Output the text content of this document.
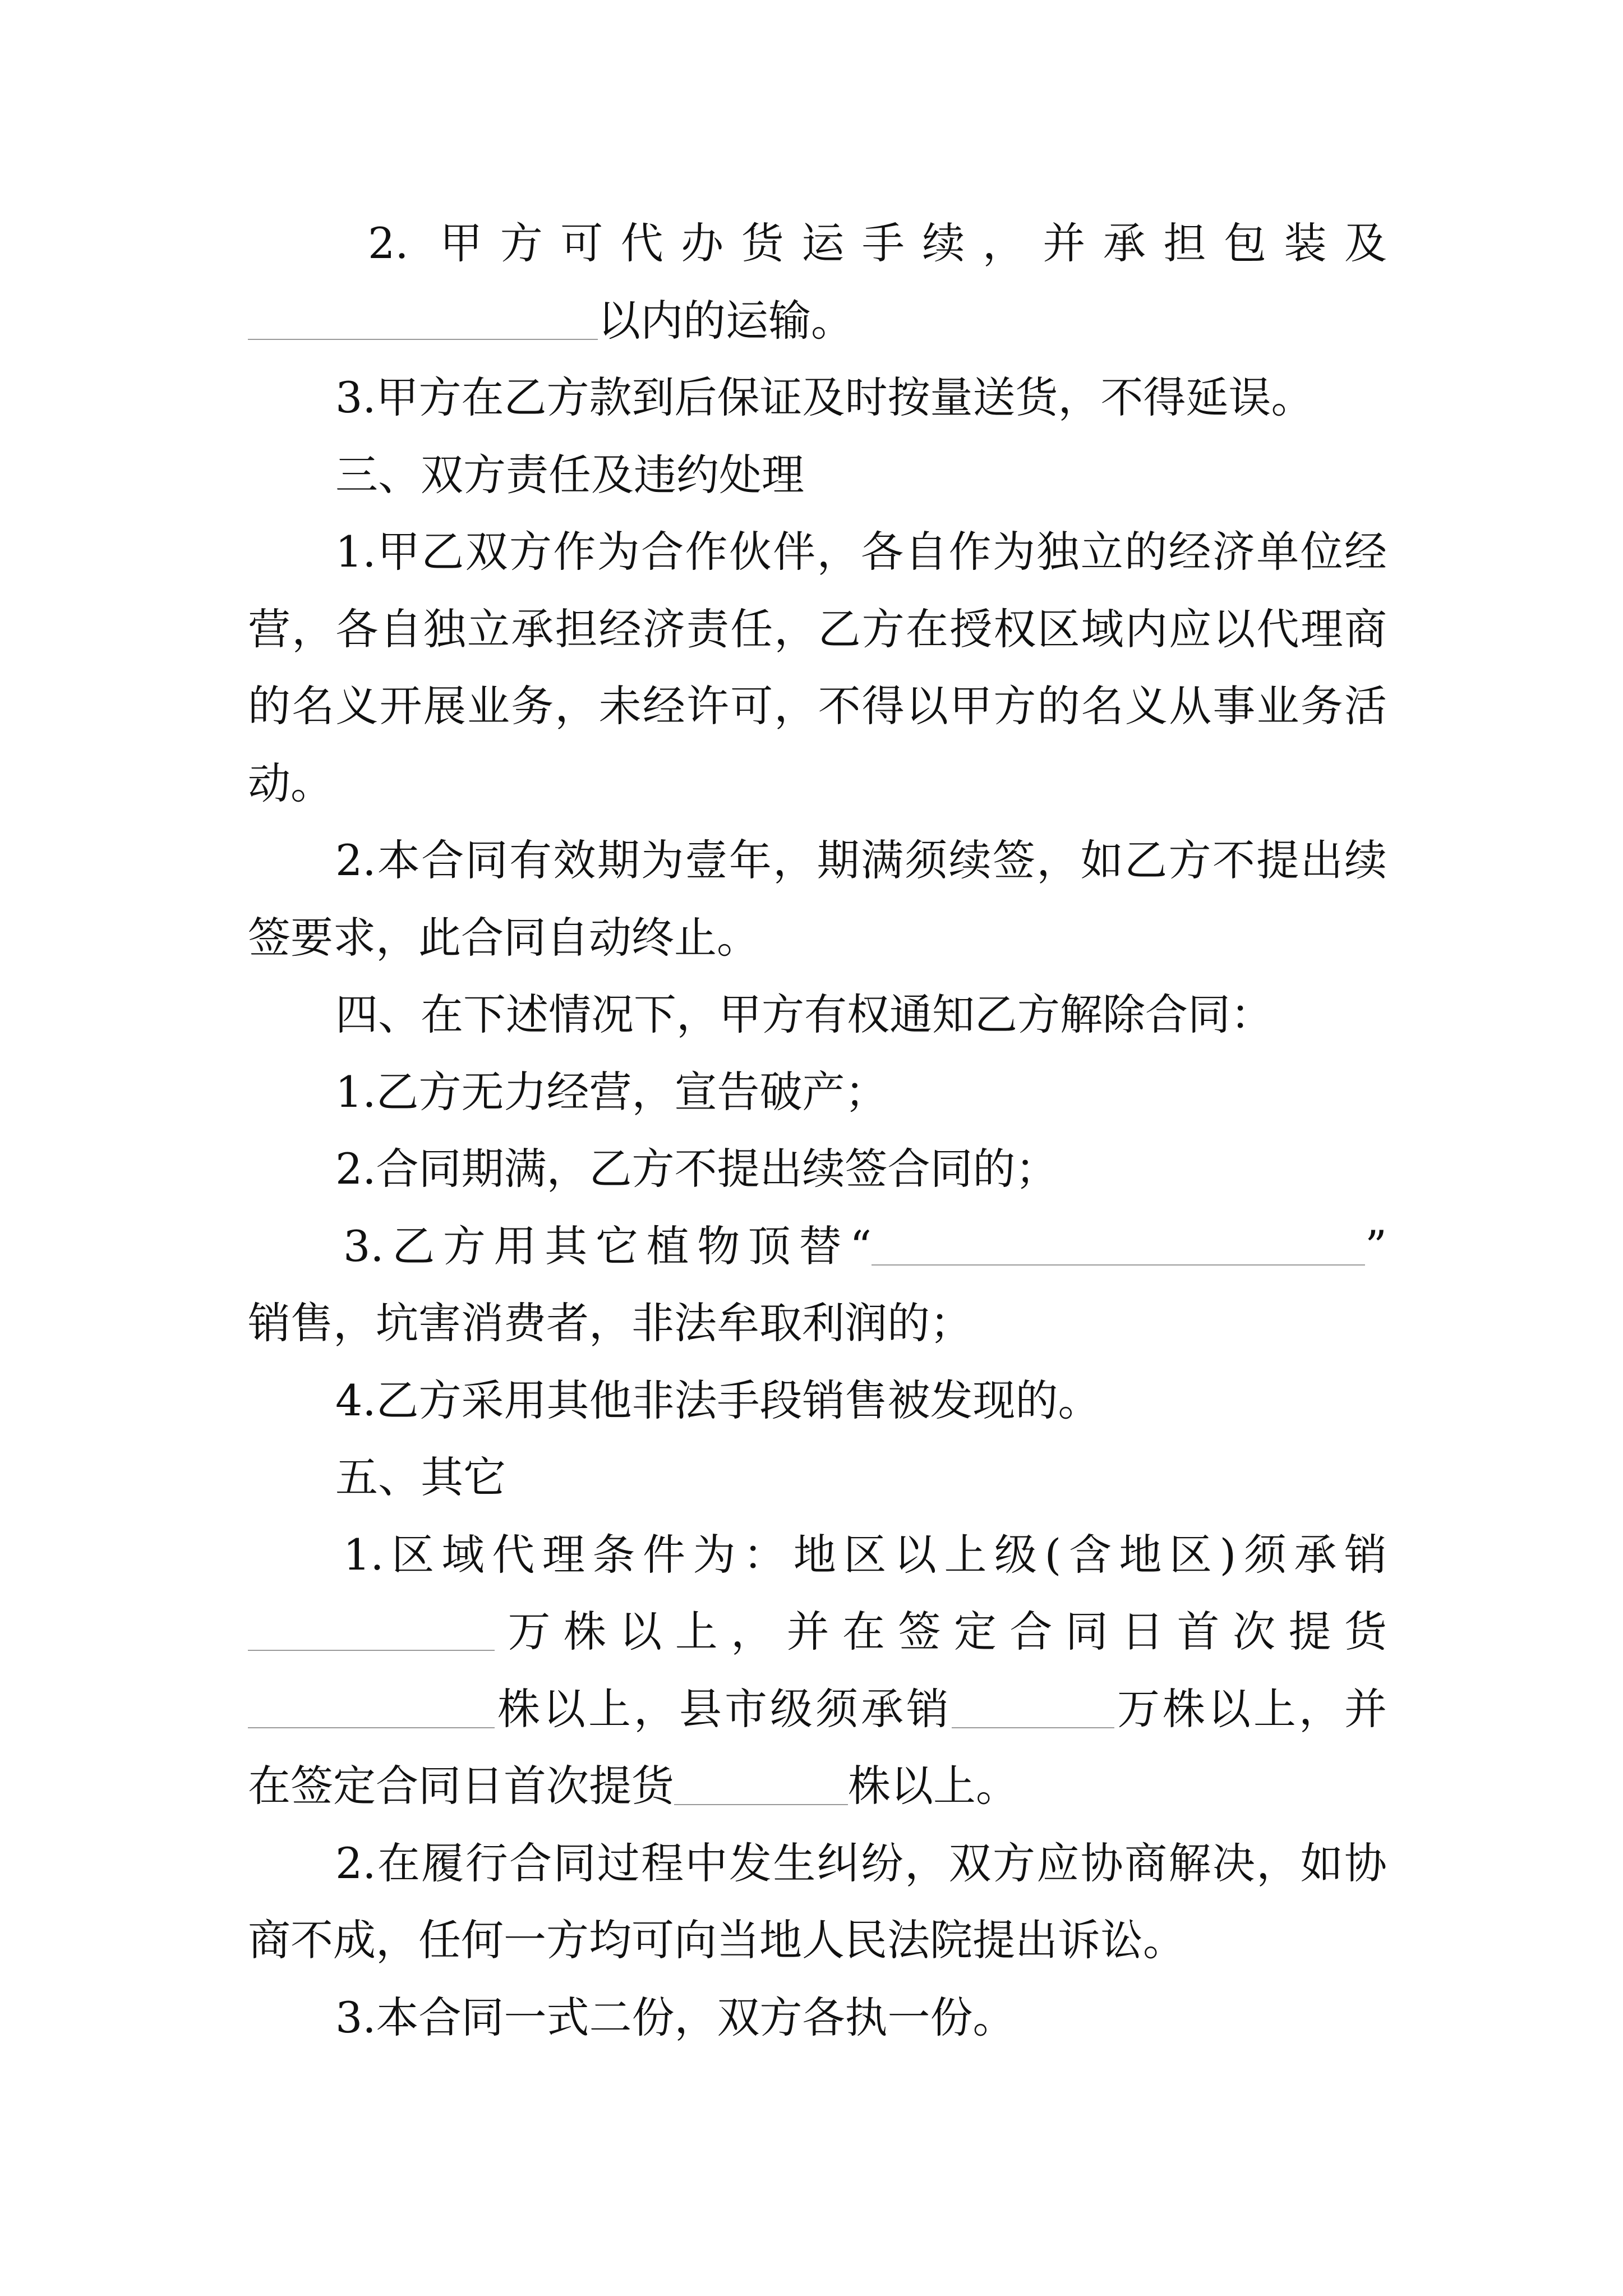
2. 甲方可代办货运手续，并承担包装及
以内的运输。
3.甲方在乙方款到后保证及时按量送货，不得延误。
三、双方责任及违约处理
1.甲乙双方作为合作伙伴，各自作为独立的经济单位经
营，各自独立承担经济责任，乙方在授权区域内应以代理商
的名义开展业务，未经许可，不得以甲方的名义从事业务活
动。
2.本合同有效期为壹年，期满须续签，如乙方不提出续
签要求，此合同自动终止。
四、在下述情况下，甲方有权通知乙方解除合同：
1.乙方无力经营，宣告破产；
2.合同期满，乙方不提出续签合同的；
3.乙方用其它植物顶替“	”
销售，坑害消费者，非法牟取利润的；
4.乙方采用其他非法手段销售被发现的。
五、其它
1.区域代理条件为：地区以上级(含地区)须承销
万株以上，并在签定合同日首次提货
株以上，县市级须承销	万株以上，并
在签定合同日首次提货	株以上。
2.在履行合同过程中发生纠纷，双方应协商解决，如协
商不成，任何一方均可向当地人民法院提出诉讼。
3.本合同一式二份，双方各执一份。
